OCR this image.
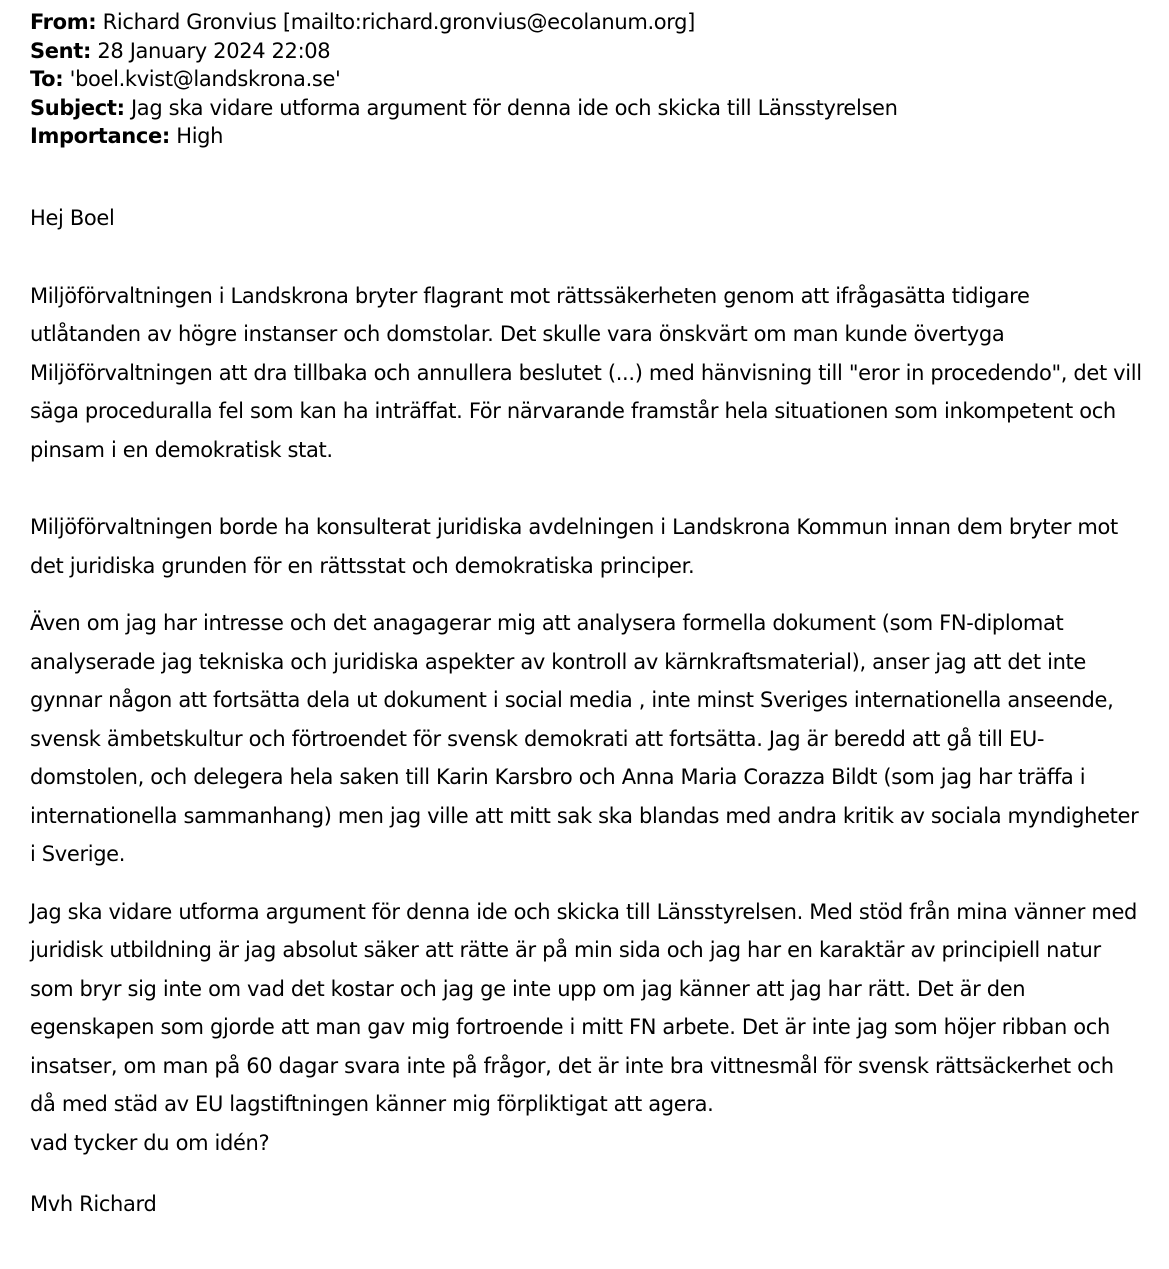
From: Richard Gronvius [mailto:richard.gronvius@ecolanum.org]
Sent: 28 January 2024 22:08
To: 'boel.kvist@landskrona.se'
Subject: Jag ska vidare utforma argument för denna ide och skicka till Länsstyrelsen
Importance: High

Hej Boel

Miljöförvaltningen i Landskrona bryter flagrant mot rättssäkerheten genom att ifrågasätta tidigare utlåtanden av högre instanser och domstolar. Det skulle vara önskvärt om man kunde övertyga Miljöförvaltningen att dra tillbaka och annullera beslutet (...) med hänvisning till "eror in procedendo", det vill säga proceduralla fel som kan ha inträffat. För närvarande framstår hela situationen som inkompetent och pinsam i en demokratisk stat.

Miljöförvaltningen borde ha konsulterat juridiska avdelningen i Landskrona Kommun innan dem bryter mot det juridiska grunden för en rättsstat och demokratiska principer.

Även om jag har intresse och det anagagerar mig att analysera formella dokument (som FN-diplomat analyserade jag tekniska och juridiska aspekter av kontroll av kärnkraftsmaterial), anser jag att det inte gynnar någon att fortsätta dela ut dokument i social media , inte minst Sveriges internationella anseende, svensk ämbetskultur och förtroendet för svensk demokrati att fortsätta. Jag är beredd att gå till EU-domstolen, och delegera hela saken till Karin Karsbro och Anna Maria Corazza Bildt (som jag har träffa i internationella sammanhang) men jag ville att mitt sak ska blandas med andra kritik av sociala myndigheter i Sverige.

Jag ska vidare utforma argument för denna ide och skicka till Länsstyrelsen. Med stöd från mina vänner med juridisk utbildning är jag absolut säker att rätte är på min sida och jag har en karaktär av principiell natur som bryr sig inte om vad det kostar och jag ge inte upp om jag känner att jag har rätt. Det är den egenskapen som gjorde att man gav mig fortroende i mitt FN arbete. Det är inte jag som höjer ribban och insatser, om man på 60 dagar svara inte på frågor, det är inte bra vittnesmål för svensk rättsäckerhet och då med städ av EU lagstiftningen känner mig förpliktigat att agera.

vad tycker du om idén?

Mvh Richard
